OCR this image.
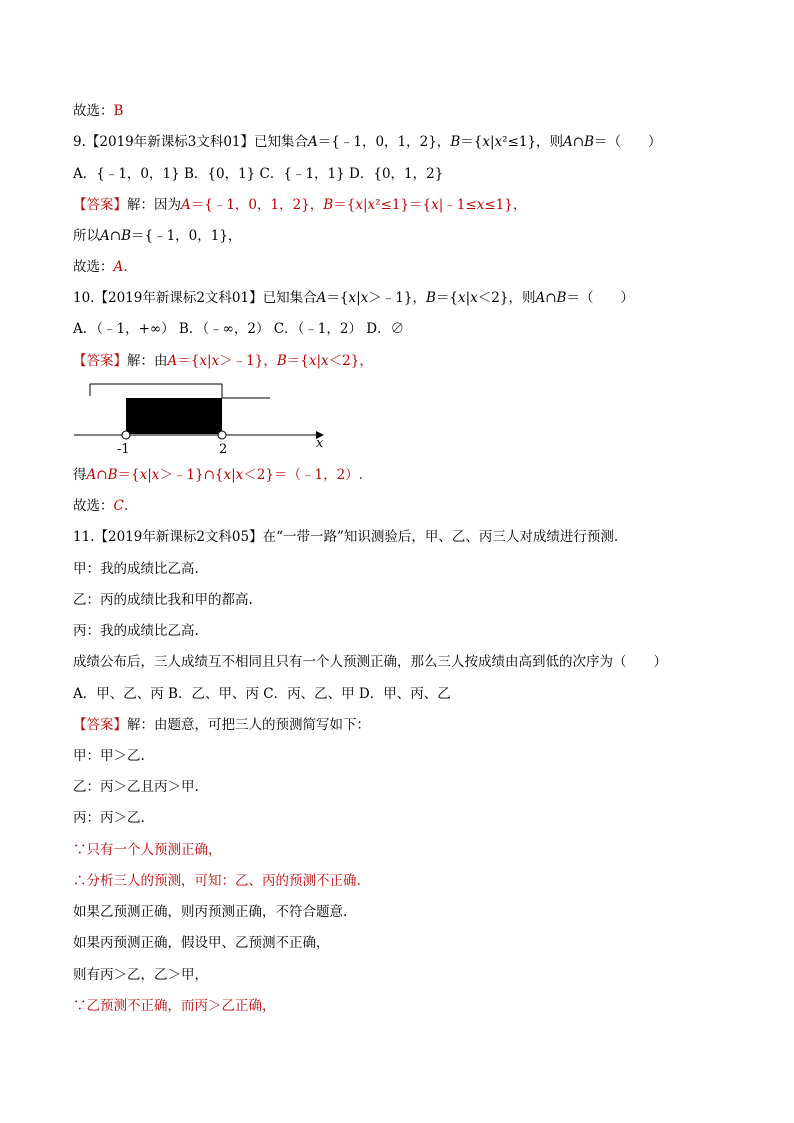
故选：B
9.【2019年新课标3文科01】已知集合A＝{﹣1，0，1，2}，B＝{x|x²≤1}，则A∩B＝（　　）
A．{﹣1，0，1} B．{0，1} C．{﹣1，1} D．{0，1，2}
【答案】解：因为A＝{﹣1，0，1，2}，B＝{x|x²≤1}＝{x|﹣1≤x≤1}，
所以A∩B＝{﹣1，0，1}，
故选：A.
10.【2019年新课标2文科01】已知集合A＝{x|x＞﹣1}，B＝{x|x＜2}，则A∩B＝（　　）
A．（﹣1，+∞） B．（﹣∞，2） C．（﹣1，2） D．∅
【答案】解：由A＝{x|x＞﹣1}，B＝{x|x＜2}，
-1	2	x
得A∩B＝{x|x＞﹣1}∩{x|x＜2}＝（﹣1，2）.
故选：C.
11.【2019年新课标2文科05】在“一带一路”知识测验后，甲、乙、丙三人对成绩进行预测.
甲：我的成绩比乙高.
乙：丙的成绩比我和甲的都高.
丙：我的成绩比乙高.
成绩公布后，三人成绩互不相同且只有一个人预测正确，那么三人按成绩由高到低的次序为（　　）
A．甲、乙、丙 B．乙、甲、丙 C．丙、乙、甲 D．甲、丙、乙
【答案】解：由题意，可把三人的预测简写如下：
甲：甲＞乙.
乙：丙＞乙且丙＞甲.
丙：丙＞乙.
∵只有一个人预测正确，
∴分析三人的预测，可知：乙、丙的预测不正确.
如果乙预测正确，则丙预测正确，不符合题意.
如果丙预测正确，假设甲、乙预测不正确，
则有丙＞乙，乙＞甲，
∵乙预测不正确，而丙＞乙正确，
